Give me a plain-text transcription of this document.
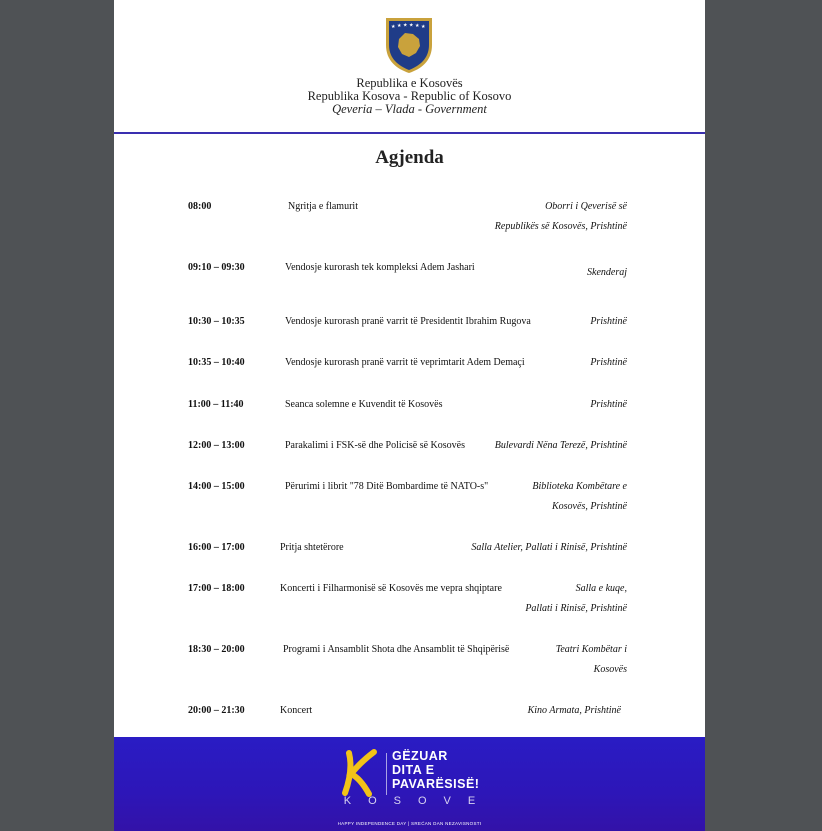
★ ★ ★ ★ ★ ★
Republika e Kosovës
Republika Kosova - Republic of Kosovo
Qeveria – Vlada - Government
Agjenda
08:00	Ngritja e flamurit	Oborri i Qeverisë së
Republikës së Kosovës, Prishtinë
09:10 – 09:30	Vendosje kurorash tek kompleksi Adem Jashari	Skenderaj
10:30 – 10:35	Vendosje kurorash pranë varrit të Presidentit Ibrahim Rugova	Prishtinë
10:35 – 10:40	Vendosje kurorash pranë varrit të veprimtarit Adem Demaçi	Prishtinë
11:00 – 11:40	Seanca solemne e Kuvendit të Kosovës	Prishtinë
12:00 – 13:00	Parakalimi i FSK-së dhe Policisë së Kosovës	Bulevardi Nëna Terezë, Prishtinë
14:00 – 15:00	Përurimi i librit "78 Ditë Bombardime të NATO-s"	Biblioteka Kombëtare e
Kosovës, Prishtinë
16:00 – 17:00	Pritja shtetërore	Salla Atelier, Pallati i Rinisë, Prishtinë
17:00 – 18:00	Koncerti i Filharmonisë së Kosovës me vepra shqiptare	Salla e kuqe,
Pallati i Rinisë, Prishtinë
18:30 – 20:00	Programi i Ansamblit Shota dhe Ansamblit të Shqipërisë	Teatri Kombëtar i
Kosovës
20:00 – 21:30	Koncert	Kino Armata, Prishtinë
GËZUAR
DITA E
PAVARËSISË!
KOSOVE
HAPPY INDEPENDENCE DAY | SREĆAN DAN NEZAVISNOSTI
